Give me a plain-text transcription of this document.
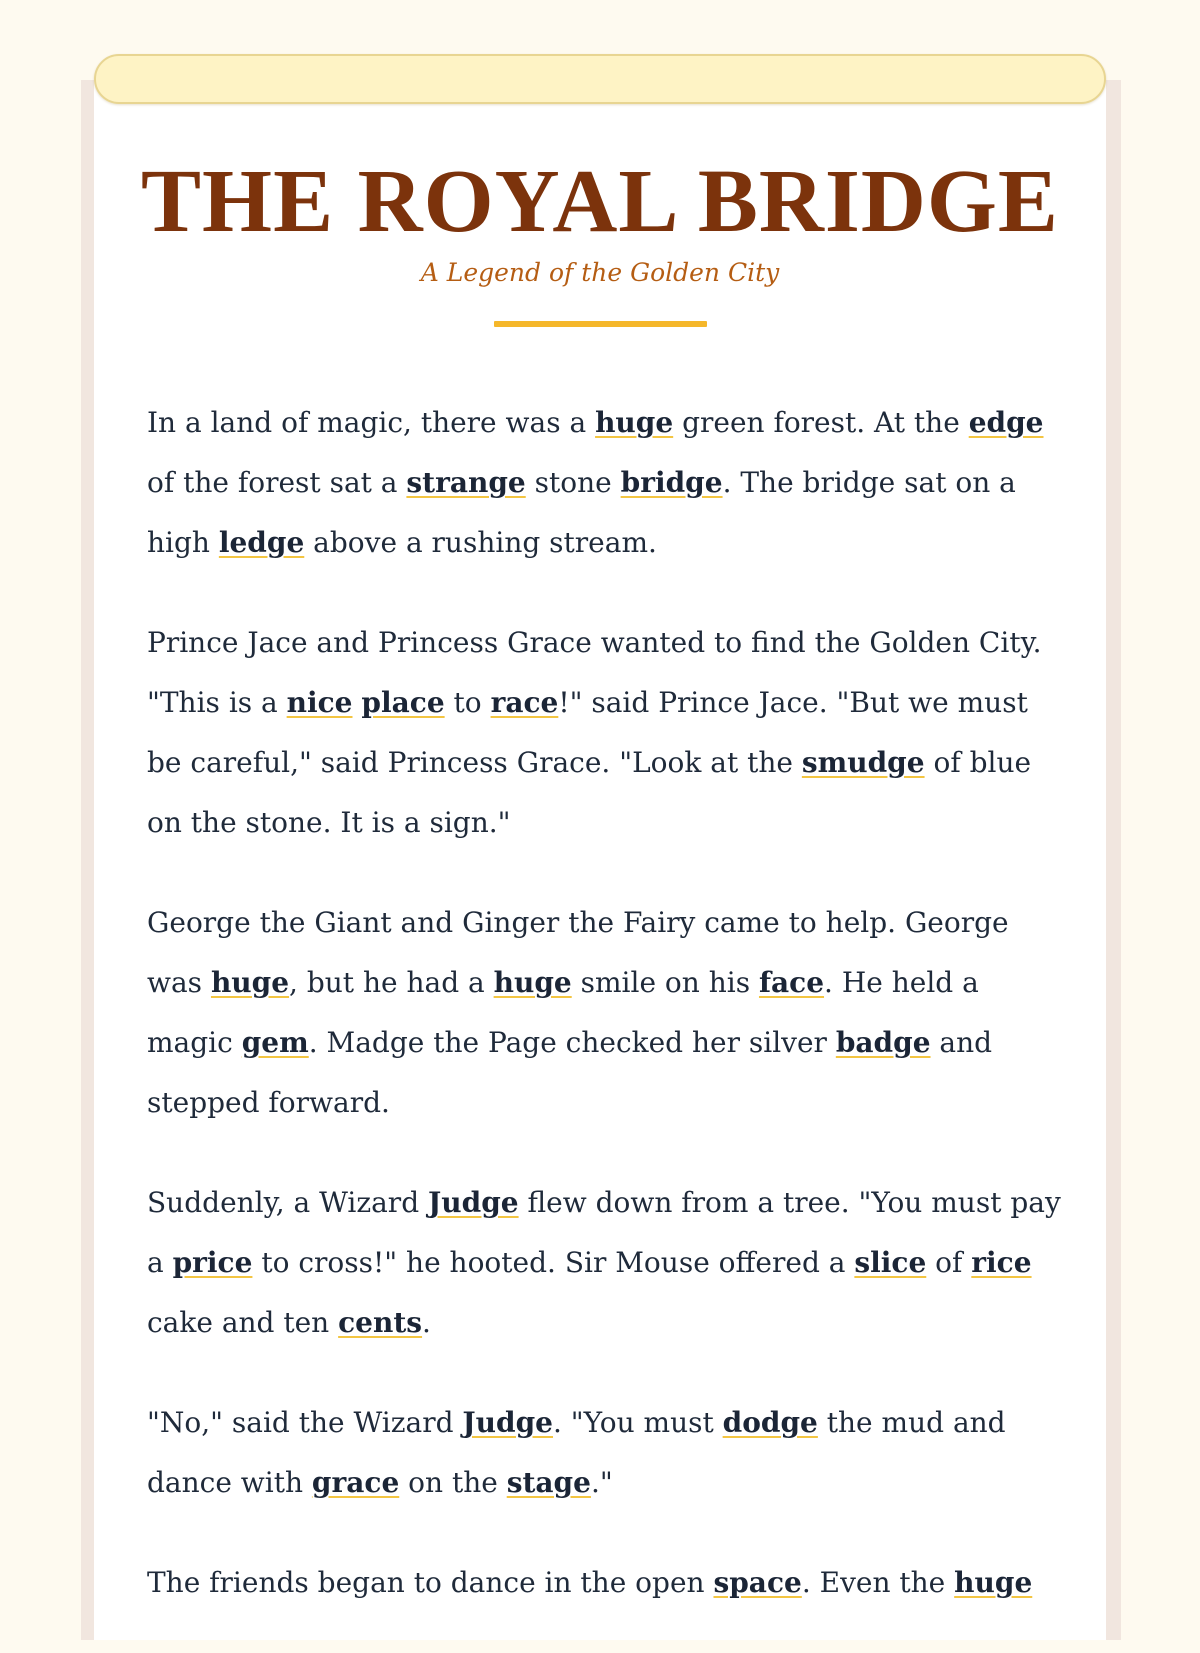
THE ROYAL BRIDGE

A Legend of the Golden City

In a land of magic, there was a huge green forest. At the edge of the forest sat a strange stone bridge. The bridge sat on a high ledge above a rushing stream.

Prince Jace and Princess Grace wanted to find the Golden City. "This is a nice place to race!" said Prince Jace. "But we must be careful," said Princess Grace. "Look at the smudge of blue on the stone. It is a sign."

George the Giant and Ginger the Fairy came to help. George was huge, but he had a huge smile on his face. He held a magic gem. Madge the Page checked her silver badge and stepped forward.

Suddenly, a Wizard Judge flew down from a tree. "You must pay a price to cross!" he hooted. Sir Mouse offered a slice of rice cake and ten cents.

"No," said the Wizard Judge. "You must dodge the mud and dance with grace on the stage."

The friends began to dance in the open space. Even the huge
